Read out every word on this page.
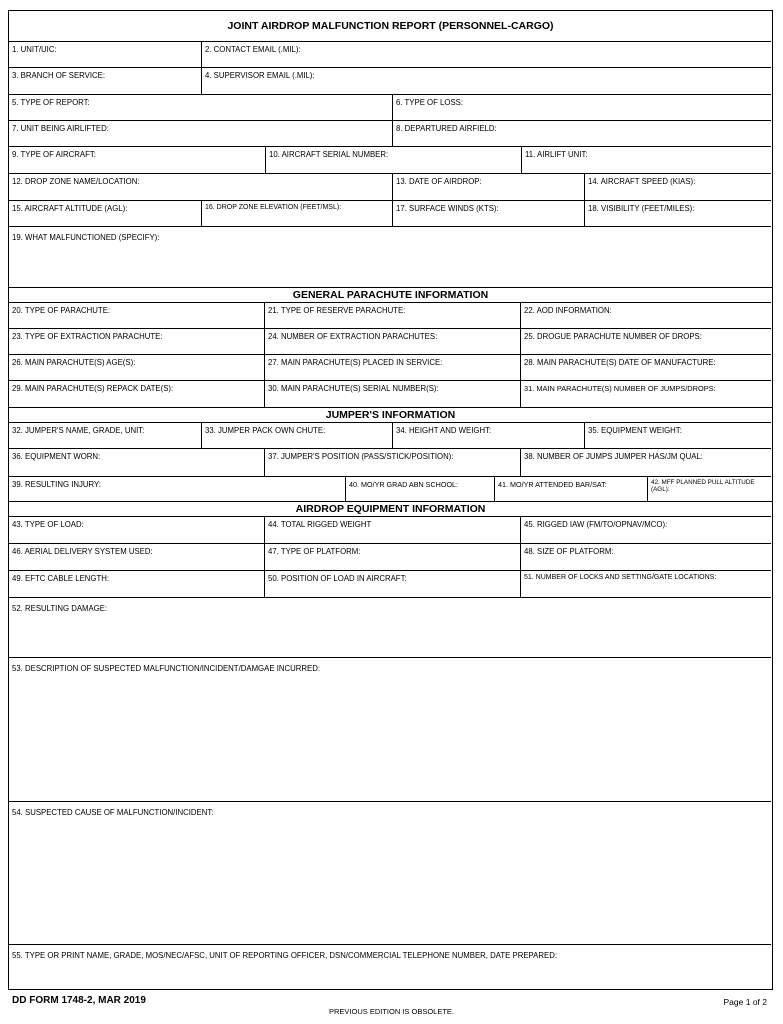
JOINT AIRDROP MALFUNCTION REPORT (PERSONNEL-CARGO)
1. UNIT/UIC:	2. CONTACT EMAIL (.MIL):
3. BRANCH OF SERVICE:	4. SUPERVISOR EMAIL (.MIL):
5. TYPE OF REPORT:	6. TYPE OF LOSS:
7. UNIT BEING AIRLIFTED:	8. DEPARTURED AIRFIELD:
9. TYPE OF AIRCRAFT:	10. AIRCRAFT SERIAL NUMBER:	11. AIRLIFT UNIT:
12. DROP ZONE NAME/LOCATION:	13. DATE OF AIRDROP:	14. AIRCRAFT SPEED (KIAS):
15. AIRCRAFT ALTITUDE (AGL):	16. DROP ZONE ELEVATION (FEET/MSL):	17. SURFACE WINDS (KTS):	18. VISIBILITY (FEET/MILES):
19. WHAT MALFUNCTIONED (SPECIFY):
GENERAL PARACHUTE INFORMATION
20. TYPE OF PARACHUTE:	21. TYPE OF RESERVE PARACHUTE:	22. AOD INFORMATION:
23. TYPE OF EXTRACTION PARACHUTE:	24. NUMBER OF EXTRACTION PARACHUTES:	25. DROGUE PARACHUTE NUMBER OF DROPS:
26. MAIN PARACHUTE(S) AGE(S):	27. MAIN PARACHUTE(S) PLACED IN SERVICE:	28. MAIN PARACHUTE(S) DATE OF MANUFACTURE:
29. MAIN PARACHUTE(S) REPACK DATE(S):	30. MAIN PARACHUTE(S) SERIAL NUMBER(S):	31. MAIN PARACHUTE(S) NUMBER OF JUMPS/DROPS:
JUMPER'S INFORMATION
32. JUMPER'S NAME, GRADE, UNIT:	33. JUMPER PACK OWN CHUTE:	34. HEIGHT AND WEIGHT:	35. EQUIPMENT WEIGHT:
36. EQUIPMENT WORN:	37. JUMPER'S POSITION (PASS/STICK/POSITION):	38. NUMBER OF JUMPS JUMPER HAS/JM QUAL:
39. RESULTING INJURY:	40. MO/YR GRAD ABN SCHOOL:	41. MO/YR ATTENDED BAR/SAT:	42. MFF PLANNED PULL ALTITUDE (AGL):
AIRDROP EQUIPMENT INFORMATION
43. TYPE OF LOAD:	44. TOTAL RIGGED WEIGHT	45. RIGGED IAW (FM/TO/OPNAV/MCO):
46. AERIAL DELIVERY SYSTEM USED:	47. TYPE OF PLATFORM:	48. SIZE OF PLATFORM:
49. EFTC CABLE LENGTH:	50. POSITION OF LOAD IN AIRCRAFT:	51. NUMBER OF LOCKS AND SETTING/GATE LOCATIONS:
52. RESULTING DAMAGE:
53. DESCRIPTION OF SUSPECTED MALFUNCTION/INCIDENT/DAMGAE INCURRED:
54. SUSPECTED CAUSE OF MALFUNCTION/INCIDENT:
55. TYPE OR PRINT NAME, GRADE, MOS/NEC/AFSC, UNIT OF REPORTING OFFICER, DSN/COMMERCIAL TELEPHONE NUMBER, DATE PREPARED:
DD FORM 1748-2, MAR 2019
PREVIOUS EDITION IS OBSOLETE.
Page 1 of 2
